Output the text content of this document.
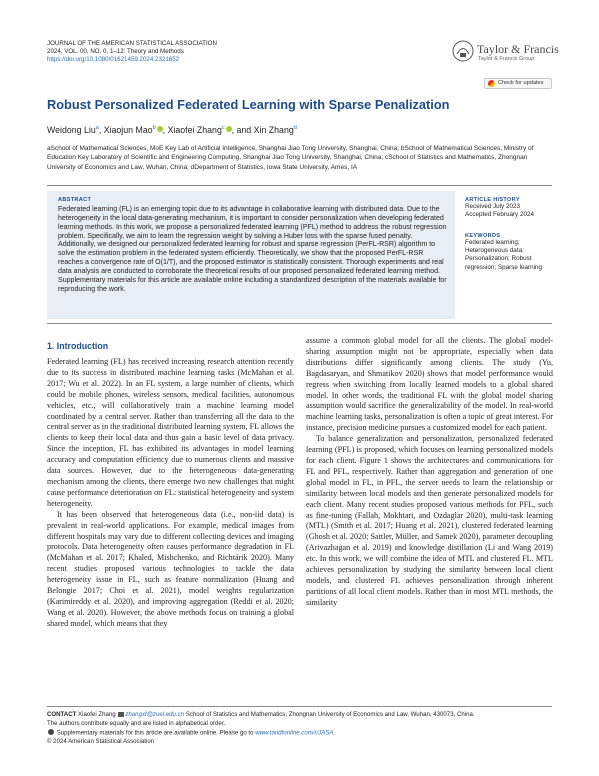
JOURNAL OF THE AMERICAN STATISTICAL ASSOCIATION
2024, VOL. 00, NO. 0, 1–12: Theory and Methods
https://doi.org/10.1080/01621459.2024.2321652
Taylor & Francis
Taylor & Francis Group
Check for updates
Robust Personalized Federated Learning with Sparse Penalization
Weidong Liu$^a$, Xiaojun Mao$^b$ , Xiaofei Zhang$^c$ , and Xin Zhang$^d$
aSchool of Mathematical Sciences, MoE Key Lab of Artificial Intelligence, Shanghai Jiao Tong University, Shanghai, China; bSchool of Mathematical Sciences, Ministry of Education Key Laboratory of Scientific and Engineering Computing, Shanghai Jiao Tong University, Shanghai, China; cSchool of Statistics and Mathematics, Zhongnan University of Economics and Law, Wuhan, China; dDepartment of Statistics, Iowa State University, Ames, IA
ABSTRACT
Federated learning (FL) is an emerging topic due to its advantage in collaborative learning with distributed data. Due to the heterogeneity in the local data-generating mechanism, it is important to consider personalization when developing federated learning methods. In this work, we propose a personalized federated learning (PFL) method to address the robust regression problem. Specifically, we aim to learn the regression weight by solving a Huber loss with the sparse fused penalty. Additionally, we designed our personalized federated learning for robust and sparse regression (PerFL-RSR) algorithm to solve the estimation problem in the federated system efficiently. Theoretically, we show that the proposed PerFL-RSR reaches a convergence rate of O(1/T), and the proposed estimator is statistically consistent. Thorough experiments and real data analysis are conducted to corroborate the theoretical results of our proposed personalized federated learning method. Supplementary materials for this article are available online including a standardized description of the materials available for reproducing the work.
ARTICLE HISTORY
Received July 2023
Accepted February 2024
KEYWORDS
Federated learning; Heterogeneous data; Personalization; Robust regression; Sparse learning
1. Introduction

Federated learning (FL) has received increasing research attention recently due to its success in distributed machine learning tasks (McMahan et al. 2017; Wu et al. 2022). In an FL system, a large number of clients, which could be mobile phones, wireless sensors, medical facilities, autonomous vehicles, etc., will collaboratively train a machine learning model coordinated by a central server. Rather than transferring all the data to the central server as in the traditional distributed learning system, FL allows the clients to keep their local data and thus gain a basic level of data privacy. Since the inception, FL has exhibited its advantages in model learning accuracy and computation efficiency due to numerous clients and massive data sources. However, due to the heterogeneous data-generating mechanism among the clients, there emerge two new challenges that might cause performance deterioration on FL: statistical heterogeneity and system heterogeneity.

It has been observed that heterogeneous data (i.e., non-iid data) is prevalent in real-world applications. For example, medical images from different hospitals may vary due to different collecting devices and imaging protocols. Data heterogeneity often causes performance degradation in FL (McMahan et al. 2017; Khaled, Mishchenko, and Richtárik 2020). Many recent studies proposed various technologies to tackle the data heterogeneity issue in FL, such as feature normalization (Huang and Belongie 2017; Choi et al. 2021), model weights regularization (Karimireddy et al. 2020), and improving aggregation (Reddi et al. 2020; Wang et al. 2020). However, the above methods focus on training a global shared model, which means that they

assume a common global model for all the clients. The global model-sharing assumption might not be appropriate, especially when data distributions differ significantly among clients. The study (Yu, Bagdasaryan, and Shmatikov 2020) shows that model performance would regress when switching from locally learned models to a global shared model. In other words, the traditional FL with the global model sharing assumption would sacrifice the generalizability of the model. In real-world machine learning tasks, personalization is often a topic of great interest. For instance, precision medicine pursues a customized model for each patient.

To balance generalization and personalization, personalized federated learning (PFL) is proposed, which focuses on learning personalized models for each client. Figure 1 shows the architectures and communications for FL and PFL, respectively. Rather than aggregation and generation of one global model in FL, in PFL, the server needs to learn the relationship or similarity between local models and then generate personalized models for each client. Many recent studies proposed various methods for PFL, such as fine-tuning (Fallah, Mokhtari, and Ozdaglar 2020), multi-task learning (MTL) (Smith et al. 2017; Huang et al. 2021), clustered federated learning (Ghosh et al. 2020; Sattler, Müller, and Samek 2020), parameter decoupling (Arivazhagan et al. 2019) and knowledge distillation (Li and Wang 2019) etc. In this work, we will combine the idea of MTL and clustered FL. MTL achieves personalization by studying the similarity between local client models, and clustered FL achieves personalization through inherent partitions of all local client models. Rather than in most MTL methods, the similarity

CONTACT Xiaofei Zhang zhangxf@zuel.edu.cn School of Statistics and Mathematics, Zhongnan University of Economics and Law, Wuhan, 430073, China.
The authors contribute equally and are listed in alphabetical order.
Supplementary materials for this article are available online. Please go to www.tandfonline.com/r/JASA.
© 2024 American Statistical Association
